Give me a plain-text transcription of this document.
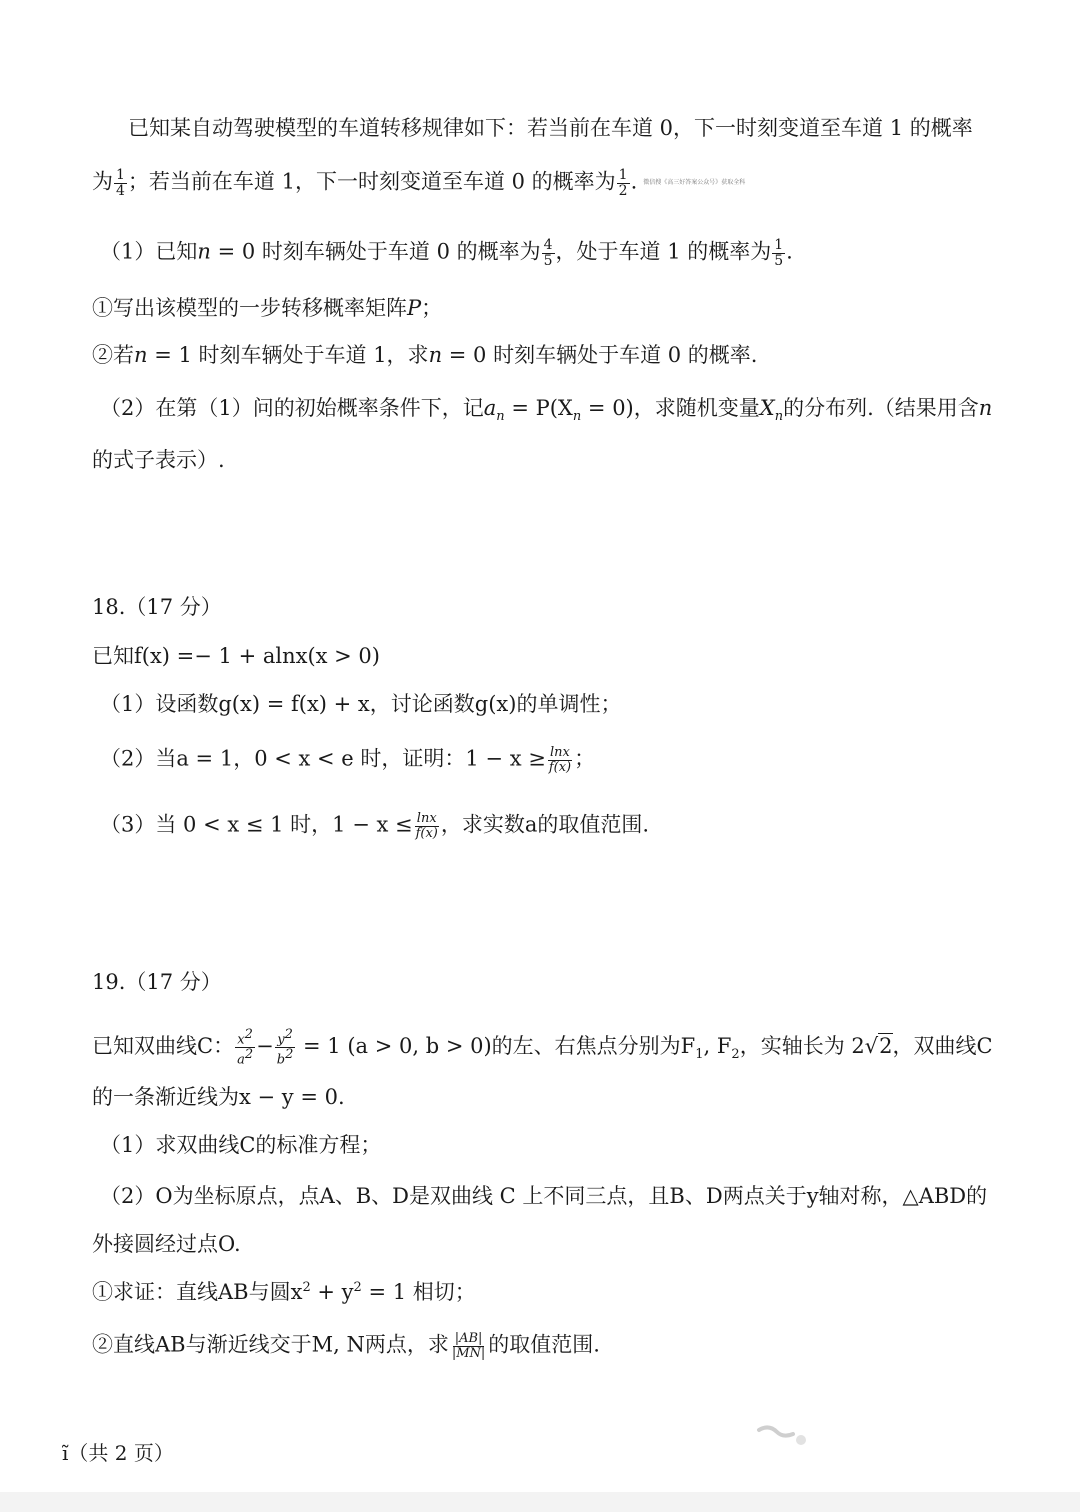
已知某自动驾驶模型的车道转移规律如下：若当前在车道 0，下一时刻变道至车道 1 的概率
为 $\frac{1}{4}$ ；若当前在车道 1，下一时刻变道至车道 0 的概率为 $\frac{1}{2}$ . 微信搜《高三好答案公众号》获取全科
（1）已知n = 0 时刻车辆处于车道 0 的概率为 $\frac{4}{5}$ ，处于车道 1 的概率为 $\frac{1}{5}$ .
①写出该模型的一步转移概率矩阵P；
②若n = 1 时刻车辆处于车道 1，求n = 0 时刻车辆处于车道 0 的概率.
（2）在第（1）问的初始概率条件下，记$a_n = P(X_n = 0)$，求随机变量$X_n$的分布列.（结果用含n
的式子表示）.
18.（17 分）
已知f(x) =− 1 + alnx(x > 0)
（1）设函数g(x) = f(x) + x，讨论函数g(x)的单调性；
（2）当a = 1，0 < x < e 时，证明：$1 - x \ge \frac{\ln x}{f(x)}$ ；
（3）当 0 < x ≤ 1 时，$1 - x \le \frac{\ln x}{f(x)}$ ，求实数a的取值范围.
19.（17 分）
已知双曲线C： $\frac{x2}{a2} - \frac{y2}{b2} = 1$ (a > 0, b > 0)的左、右焦点分别为$F_1$, $F_2$，实轴长为 2√2，双曲线C
的一条渐近线为x − y = 0.
（1）求双曲线C的标准方程；
（2）O为坐标原点，点A、B、D是双曲线 C 上不同三点，且B、D两点关于y轴对称，△ABD的
外接圆经过点O.
①求证：直线AB与圆$x^2 + y^2 = 1$ 相切；
②直线AB与渐近线交于M, N两点，求 $\frac{|AB|}{|MN|}$ 的取值范围.
ĩ（共 2 页）
